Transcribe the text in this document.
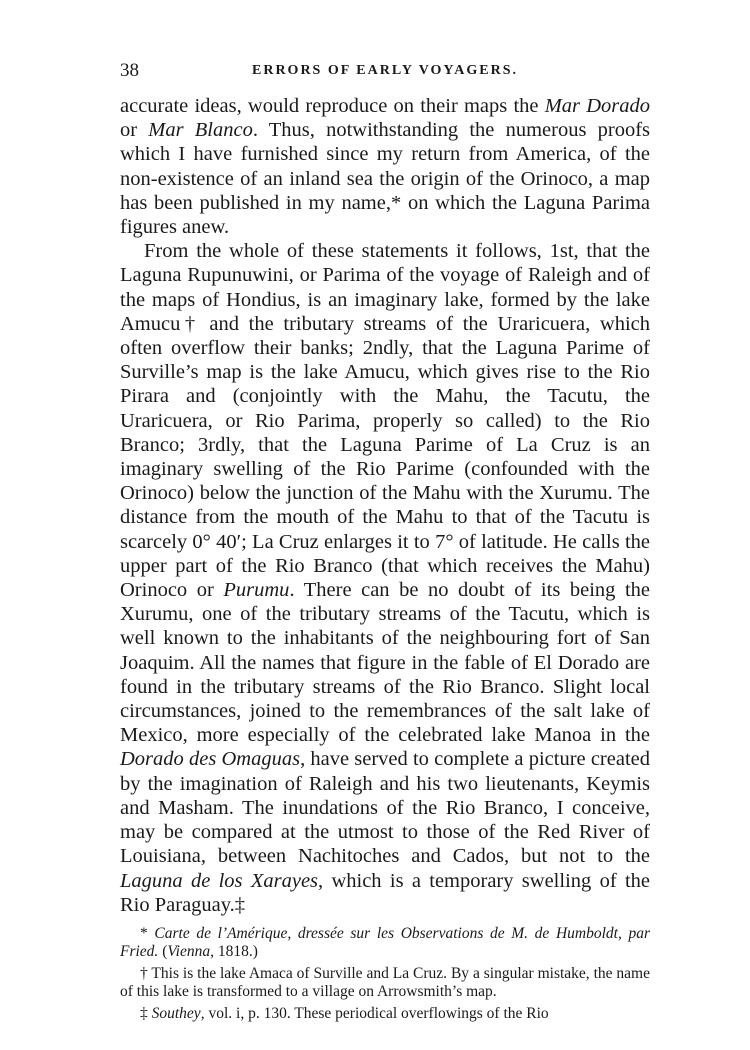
38	ERRORS OF EARLY VOYAGERS.

accurate ideas, would reproduce on their maps the Mar Dorado or Mar Blanco. Thus, notwithstanding the numerous proofs which I have furnished since my return from America, of the non-existence of an inland sea the origin of the Orinoco, a map has been published in my name,* on which the Laguna Parima figures anew.

From the whole of these statements it follows, 1st, that the Laguna Rupunuwini, or Parima of the voyage of Raleigh and of the maps of Hondius, is an imaginary lake, formed by the lake Amucu† and the tributary streams of the Uraricuera, which often overflow their banks; 2ndly, that the Laguna Parime of Surville’s map is the lake Amucu, which gives rise to the Rio Pirara and (conjointly with the Mahu, the Tacutu, the Uraricuera, or Rio Parima, properly so called) to the Rio Branco; 3rdly, that the Laguna Parime of La Cruz is an imaginary swelling of the Rio Parime (confounded with the Orinoco) below the junction of the Mahu with the Xurumu. The distance from the mouth of the Mahu to that of the Tacutu is scarcely 0° 40′; La Cruz enlarges it to 7° of latitude. He calls the upper part of the Rio Branco (that which receives the Mahu) Orinoco or Purumu. There can be no doubt of its being the Xurumu, one of the tributary streams of the Tacutu, which is well known to the inhabitants of the neighbouring fort of San Joaquim. All the names that figure in the fable of El Dorado are found in the tributary streams of the Rio Branco. Slight local circumstances, joined to the remembrances of the salt lake of Mexico, more especially of the celebrated lake Manoa in the Dorado des Omaguas, have served to complete a picture created by the imagination of Raleigh and his two lieutenants, Keymis and Masham. The inundations of the Rio Branco, I conceive, may be compared at the utmost to those of the Red River of Louisiana, between Nachitoches and Cados, but not to the Laguna de los Xarayes, which is a temporary swelling of the Rio Paraguay.‡

* Carte de l’Amérique, dressée sur les Observations de M. de Humboldt, par Fried. (Vienna, 1818.)

† This is the lake Amaca of Surville and La Cruz. By a singular mistake, the name of this lake is transformed to a village on Arrowsmith’s map.

‡ Southey, vol. i, p. 130. These periodical overflowings of the Rio
